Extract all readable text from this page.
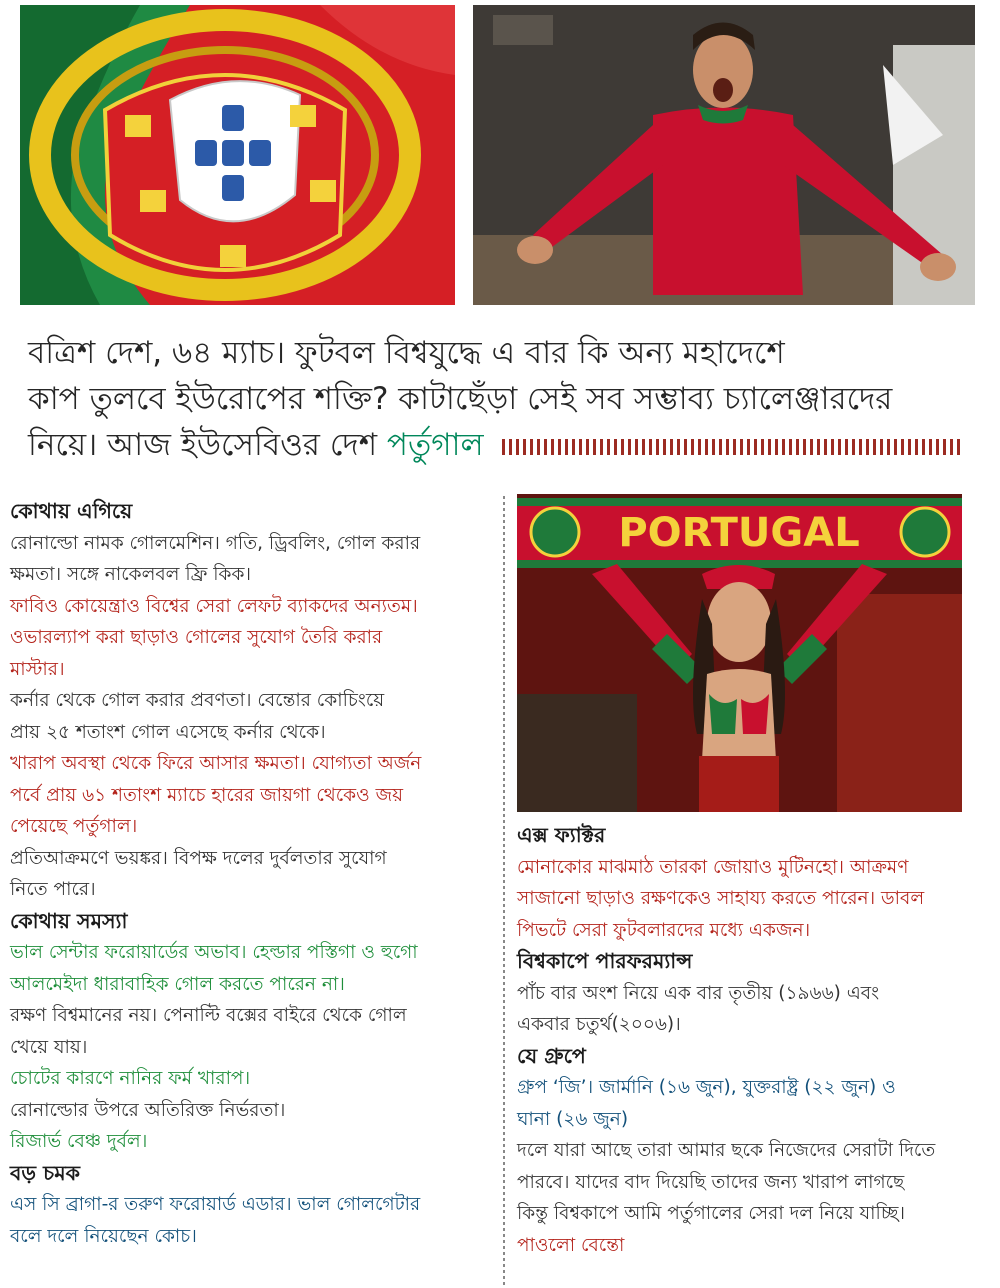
বত্রিশ দেশ, ৬৪ ম্যাচ। ফুটবল বিশ্বযুদ্ধে এ বার কি অন্য মহাদেশে
কাপ তুলবে ইউরোপের শক্তি? কাটাছেঁড়া সেই সব সম্ভাব্য চ্যালেঞ্জারদের
নিয়ে। আজ ইউসেবিওর দেশ পর্তুগাল
কোথায় এগিয়ে
রোনাল্ডো নামক গোলমেশিন। গতি, ড্রিবলিং, গোল করার
ক্ষমতা। সঙ্গে নাকেলবল ফ্রি কিক।
ফাবিও কোয়েন্ত্রাও বিশ্বের সেরা লেফট ব্যাকদের অন্যতম।
ওভারল্যাপ করা ছাড়াও গোলের সুযোগ তৈরি করার
মাস্টার।
কর্নার থেকে গোল করার প্রবণতা। বেন্তোর কোচিংয়ে
প্রায় ২৫ শতাংশ গোল এসেছে কর্নার থেকে।
খারাপ অবস্থা থেকে ফিরে আসার ক্ষমতা। যোগ্যতা অর্জন
পর্বে প্রায় ৬১ শতাংশ ম্যাচে হারের জায়গা থেকেও জয়
পেয়েছে পর্তুগাল।
প্রতিআক্রমণে ভয়ঙ্কর। বিপক্ষ দলের দুর্বলতার সুযোগ
নিতে পারে।
কোথায় সমস্যা
ভাল সেন্টার ফরোয়ার্ডের অভাব। হেল্ডার পস্তিগা ও হুগো
আলমেইদা ধারাবাহিক গোল করতে পারেন না।
রক্ষণ বিশ্বমানের নয়। পেনাল্টি বক্সের বাইরে থেকে গোল
খেয়ে যায়।
চোটের কারণে নানির ফর্ম খারাপ।
রোনাল্ডোর উপরে অতিরিক্ত নির্ভরতা।
রিজার্ভ বেঞ্চ দুর্বল।
বড় চমক
এস সি ব্রাগা-র তরুণ ফরোয়ার্ড এডার। ভাল গোলগেটার
বলে দলে নিয়েছেন কোচ।
PORTUGAL
এক্স ফ্যাক্টর
মোনাকোর মাঝমাঠ তারকা জোয়াও মুটিনহো। আক্রমণ
সাজানো ছাড়াও রক্ষণকেও সাহায্য করতে পারেন। ডাবল
পিভটে সেরা ফুটবলারদের মধ্যে একজন।
বিশ্বকাপে পারফরম্যান্স
পাঁচ বার অংশ নিয়ে এক বার তৃতীয় (১৯৬৬) এবং
একবার চতুর্থ(২০০৬)।
যে গ্রুপে
গ্রুপ ‘জি’। জার্মানি (১৬ জুন), যুক্তরাষ্ট্র (২২ জুন) ও
ঘানা (২৬ জুন)
দলে যারা আছে তারা আমার ছকে নিজেদের সেরাটা দিতে
পারবে। যাদের বাদ দিয়েছি তাদের জন্য খারাপ লাগছে
কিন্তু বিশ্বকাপে আমি পর্তুগালের সেরা দল নিয়ে যাচ্ছি।
পাওলো বেন্তো
